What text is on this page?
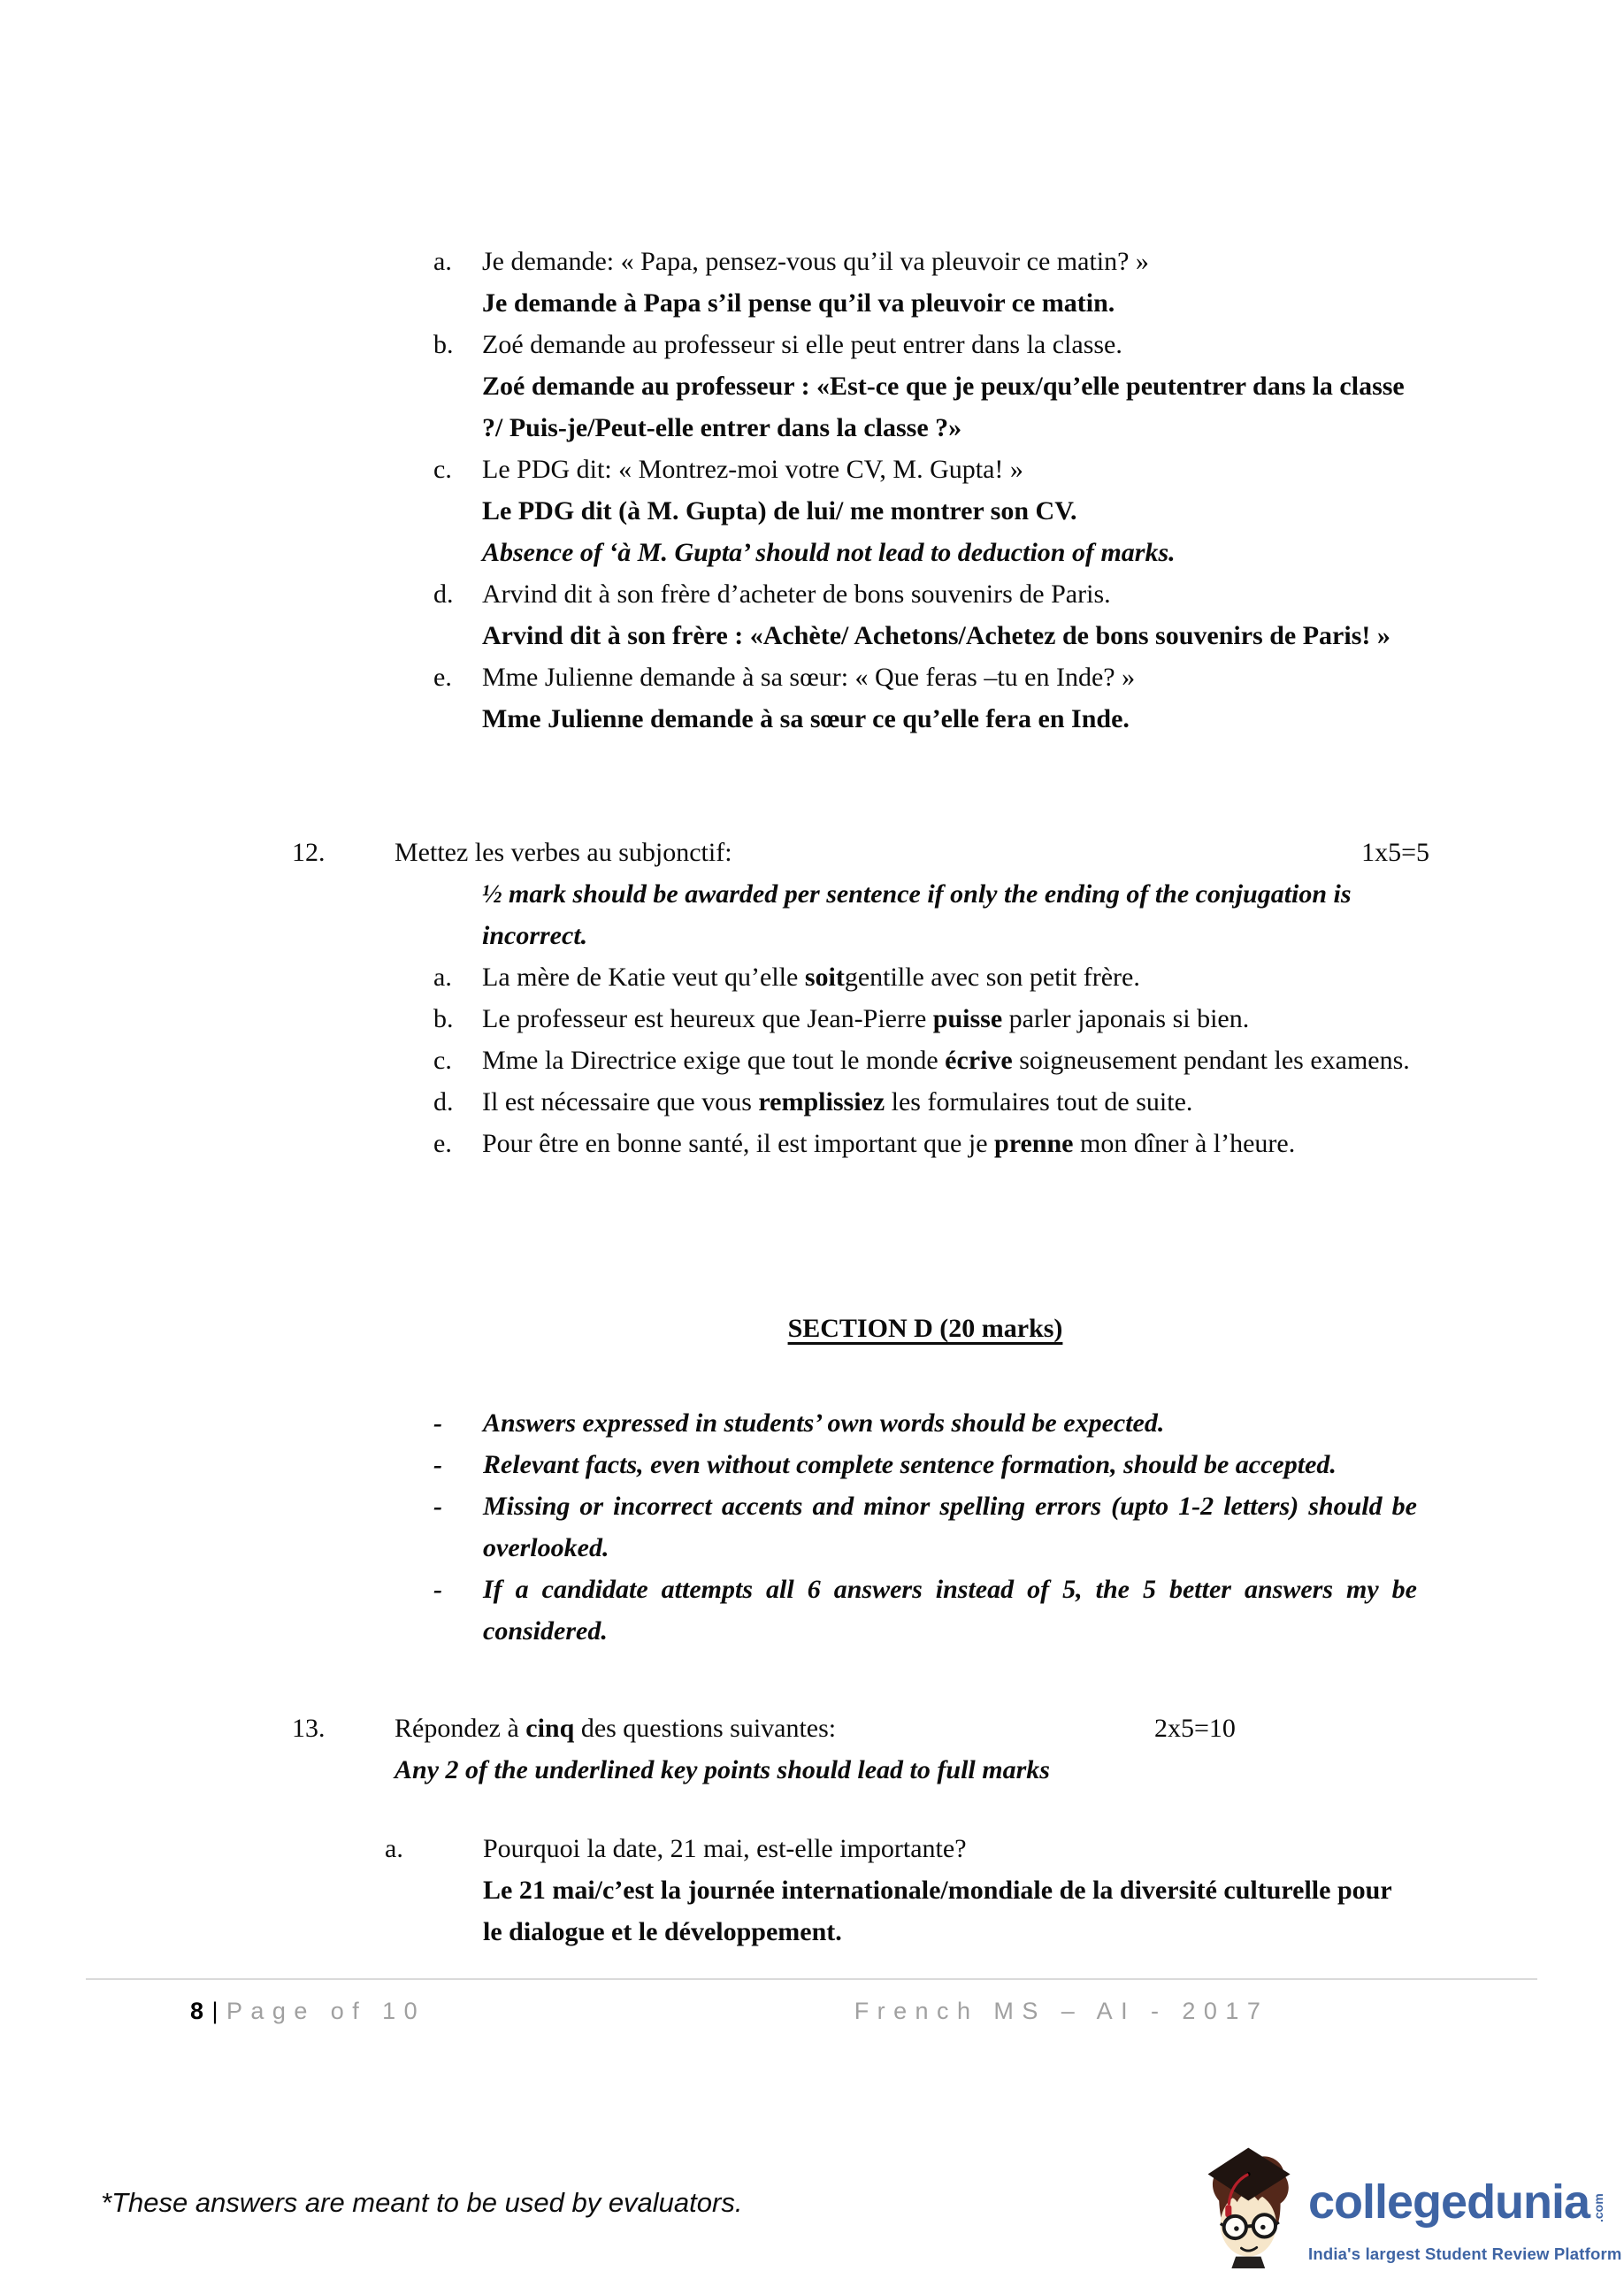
a.	Je demande: « Papa, pensez-vous qu’il va pleuvoir ce matin? »
Je demande à Papa s’il pense qu’il va pleuvoir ce matin.
b.	Zoé demande au professeur si elle peut entrer dans la classe.
Zoé demande au professeur : «Est-ce que je peux/qu’elle peutentrer dans la classe ?/ Puis-je/Peut-elle entrer dans la classe ?»
c.	Le PDG dit: « Montrez-moi votre CV, M. Gupta! »
Le PDG dit (à M. Gupta) de lui/ me montrer son CV.
Absence of ‘à M. Gupta’ should not lead to deduction of marks.
d.	Arvind dit à son frère d’acheter de bons souvenirs de Paris.
Arvind dit à son frère : «Achète/ Achetons/Achetez de bons souvenirs de Paris! »
e.	Mme Julienne demande à sa sœur: « Que feras –tu en Inde? »
Mme Julienne demande à sa sœur ce qu’elle fera en Inde.
12.	Mettez les verbes au subjonctif:	1x5=5
½ mark should be awarded per sentence if only the ending of the conjugation is incorrect.
a.	La mère de Katie veut qu’elle soitgentille avec son petit frère.
b.	Le professeur est heureux que Jean-Pierre puisse parler japonais si bien.
c.	Mme la Directrice exige que tout le monde écrive soigneusement pendant les examens.
d.	Il est nécessaire que vous remplissiez les formulaires tout de suite.
e.	Pour être en bonne santé, il est important que je prenne mon dîner à l’heure.
SECTION D (20 marks)
-	Answers expressed in students’ own words should be expected.
-	Relevant facts, even without complete sentence formation, should be accepted.
-	Missing or incorrect accents and minor spelling errors (upto 1-2 letters) should be overlooked.
-	If a candidate attempts all 6 answers instead of 5, the 5 better answers my be considered.
13.	Répondez à cinq des questions suivantes:	2x5=10
Any 2 of the underlined key points should lead to full marks
a.	Pourquoi la date, 21 mai, est-elle importante?
Le 21 mai/c’est la journée internationale/mondiale de la diversité culturelle pour le dialogue et le développement.
8|Page of 10	French MS – AI - 2017
*These answers are meant to be used by evaluators.	collegedunia .com
India's largest Student Review Platform
